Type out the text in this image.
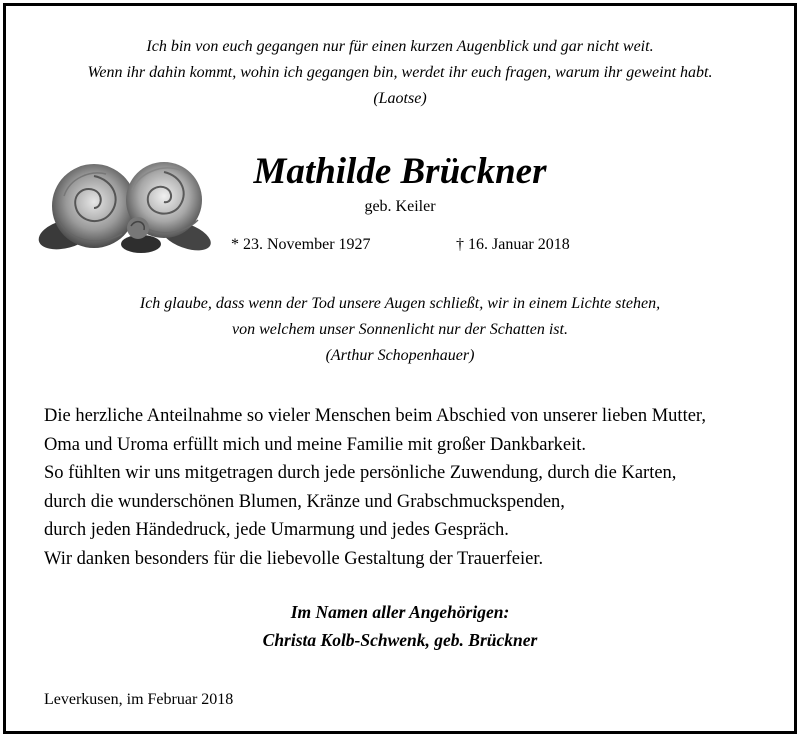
Ich bin von euch gegangen nur für einen kurzen Augenblick und gar nicht weit.
Wenn ihr dahin kommt, wohin ich gegangen bin, werdet ihr euch fragen, warum ihr geweint habt.
(Laotse)
Mathilde Brückner
geb. Keiler
* 23. November 1927	† 16. Januar 2018
Ich glaube, dass wenn der Tod unsere Augen schließt, wir in einem Lichte stehen,
von welchem unser Sonnenlicht nur der Schatten ist.
(Arthur Schopenhauer)
Die herzliche Anteilnahme so vieler Menschen beim Abschied von unserer lieben Mutter,
Oma und Uroma erfüllt mich und meine Familie mit großer Dankbarkeit.
So fühlten wir uns mitgetragen durch jede persönliche Zuwendung, durch die Karten,
durch die wunderschönen Blumen, Kränze und Grabschmuckspenden,
durch jeden Händedruck, jede Umarmung und jedes Gespräch.
Wir danken besonders für die liebevolle Gestaltung der Trauerfeier.
Im Namen aller Angehörigen:
Christa Kolb-Schwenk, geb. Brückner
Leverkusen, im Februar 2018
